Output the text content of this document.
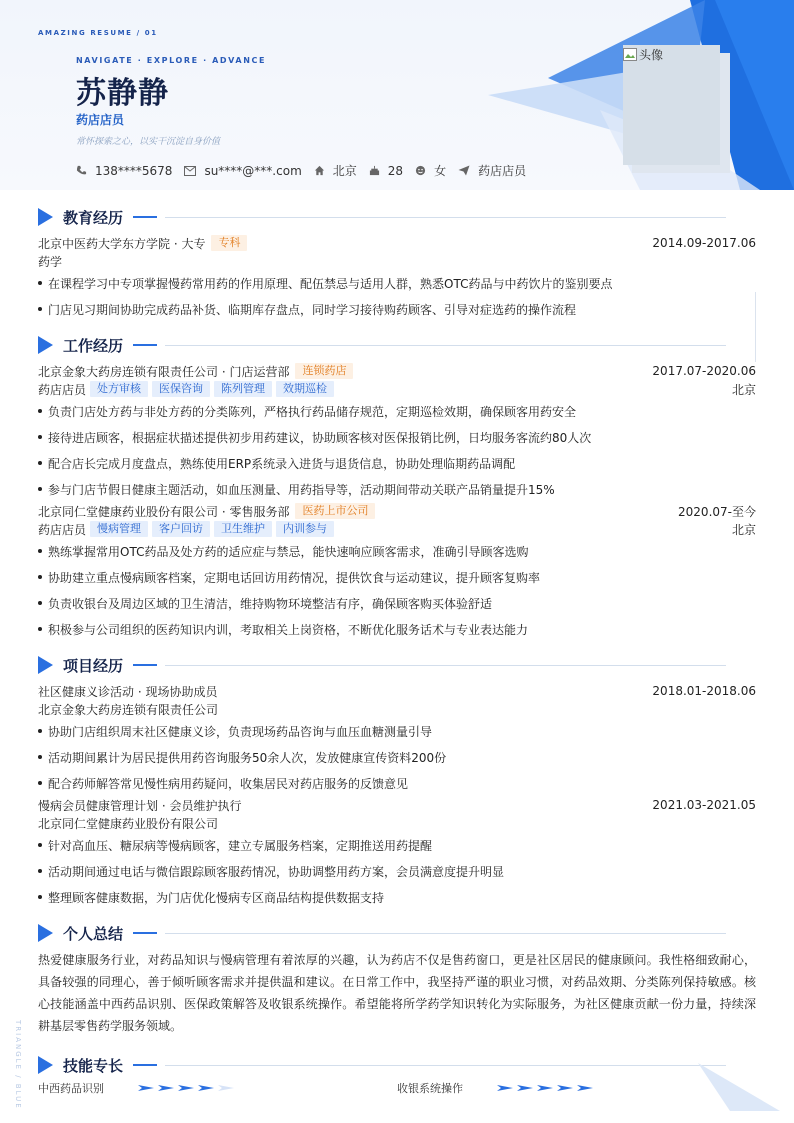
AMAZING RESUME / 01
NAVIGATE · EXPLORE · ADVANCE
苏静静
药店店员
常怀探索之心，以实干沉淀自身价值
138****5678	su****@***.com	北京	28	女	药店店员
头像
教育经历
北京中医药大学东方学院 · 大专	专科	2014.09-2017.06
药学
在课程学习中专项掌握慢药常用药的作用原理、配伍禁忌与适用人群，熟悉OTC药品与中药饮片的鉴别要点
门店见习期间协助完成药品补货、临期库存盘点，同时学习接待购药顾客、引导对症选药的操作流程
工作经历
北京金象大药房连锁有限责任公司 · 门店运营部	连锁药店	2017.07-2020.06
药店店员	处方审核	医保咨询	陈列管理	效期巡检	北京
负责门店处方药与非处方药的分类陈列，严格执行药品储存规范，定期巡检效期，确保顾客用药安全
接待进店顾客，根据症状描述提供初步用药建议，协助顾客核对医保报销比例，日均服务客流约80人次
配合店长完成月度盘点，熟练使用ERP系统录入进货与退货信息，协助处理临期药品调配
参与门店节假日健康主题活动，如血压测量、用药指导等，活动期间带动关联产品销量提升15%
北京同仁堂健康药业股份有限公司 · 零售服务部	医药上市公司	2020.07-至今
药店店员	慢病管理	客户回访	卫生维护	内训参与	北京
熟练掌握常用OTC药品及处方药的适应症与禁忌，能快速响应顾客需求，准确引导顾客选购
协助建立重点慢病顾客档案，定期电话回访用药情况，提供饮食与运动建议，提升顾客复购率
负责收银台及周边区域的卫生清洁，维持购物环境整洁有序，确保顾客购买体验舒适
积极参与公司组织的医药知识内训，考取相关上岗资格，不断优化服务话术与专业表达能力
项目经历
社区健康义诊活动 · 现场协助成员	2018.01-2018.06
北京金象大药房连锁有限责任公司
协助门店组织周末社区健康义诊，负责现场药品咨询与血压血糖测量引导
活动期间累计为居民提供用药咨询服务50余人次，发放健康宣传资料200份
配合药师解答常见慢性病用药疑问，收集居民对药店服务的反馈意见
慢病会员健康管理计划 · 会员维护执行	2021.03-2021.05
北京同仁堂健康药业股份有限公司
针对高血压、糖尿病等慢病顾客，建立专属服务档案，定期推送用药提醒
活动期间通过电话与微信跟踪顾客服药情况，协助调整用药方案，会员满意度提升明显
整理顾客健康数据，为门店优化慢病专区商品结构提供数据支持
个人总结
热爱健康服务行业，对药品知识与慢病管理有着浓厚的兴趣，认为药店不仅是售药窗口，更是社区居民的健康顾问。我性格细致耐心，具备较强的同理心，善于倾听顾客需求并提供温和建议。在日常工作中，我坚持严谨的职业习惯，对药品效期、分类陈列保持敏感。核心技能涵盖中西药品识别、医保政策解答及收银系统操作。希望能将所学药学知识转化为实际服务，为社区健康贡献一份力量，持续深耕基层零售药学服务领域。
技能专长
中西药品识别	收银系统操作
TRIANGLE / BLUE
